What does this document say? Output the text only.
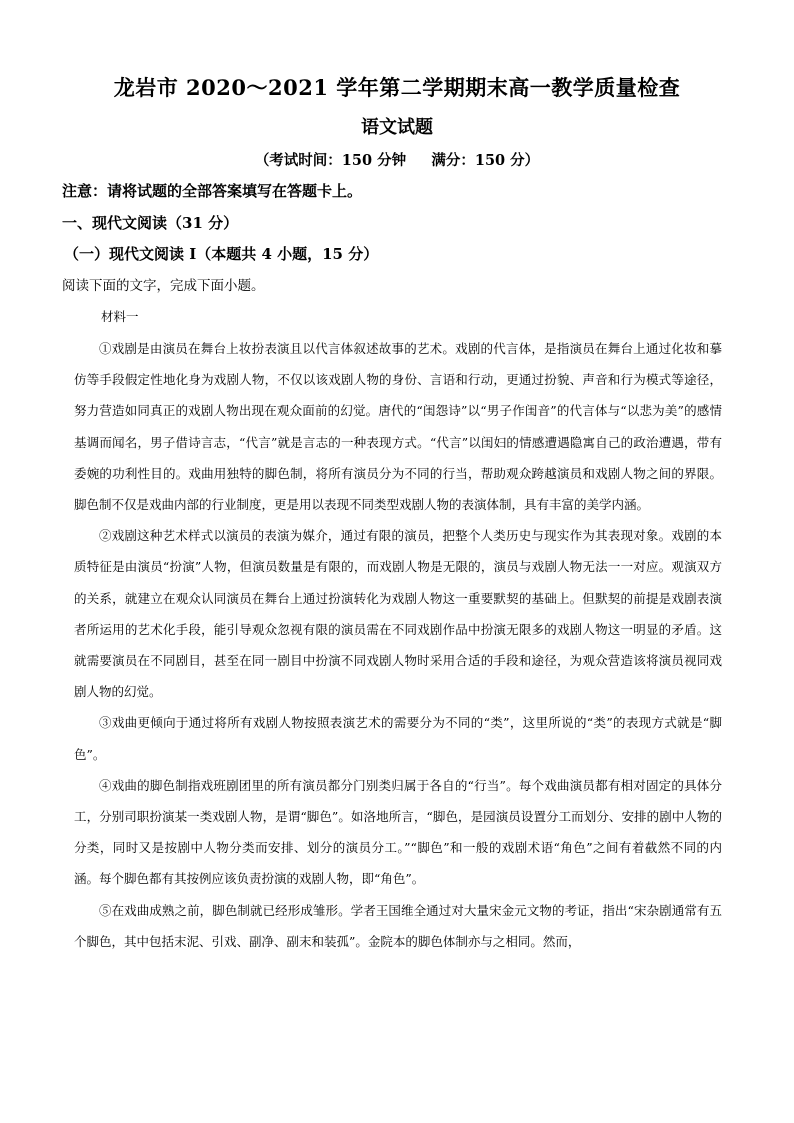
龙岩市 2020～2021 学年第二学期期末高一教学质量检查
语文试题
（考试时间：150 分钟     满分：150 分）
注意：请将试题的全部答案填写在答题卡上。
一、现代文阅读（31 分）
（一）现代文阅读 I（本题共 4 小题，15 分）
阅读下面的文字，完成下面小题。
材料一

①戏剧是由演员在舞台上妆扮表演且以代言体叙述故事的艺术。戏剧的代言体，是指演员在舞台上通过化妆和摹仿等手段假定性地化身为戏剧人物，不仅以该戏剧人物的身份、言语和行动，更通过扮貌、声音和行为模式等途径，努力营造如同真正的戏剧人物出现在观众面前的幻觉。唐代的“闺怨诗”以“男子作闺音”的代言体与“以悲为美”的感情基调而闻名，男子借诗言志，“代言”就是言志的一种表现方式。“代言”以闺妇的情感遭遇隐寓自己的政治遭遇，带有委婉的功利性目的。戏曲用独特的脚色制，将所有演员分为不同的行当，帮助观众跨越演员和戏剧人物之间的界限。脚色制不仅是戏曲内部的行业制度，更是用以表现不同类型戏剧人物的表演体制，具有丰富的美学内涵。

②戏剧这种艺术样式以演员的表演为媒介，通过有限的演员，把整个人类历史与现实作为其表现对象。戏剧的本质特征是由演员“扮演”人物，但演员数量是有限的，而戏剧人物是无限的，演员与戏剧人物无法一一对应。观演双方的关系，就建立在观众认同演员在舞台上通过扮演转化为戏剧人物这一重要默契的基础上。但默契的前提是戏剧表演者所运用的艺术化手段，能引导观众忽视有限的演员需在不同戏剧作品中扮演无限多的戏剧人物这一明显的矛盾。这就需要演员在不同剧目，甚至在同一剧目中扮演不同戏剧人物时采用合适的手段和途径，为观众营造该将演员视同戏剧人物的幻觉。

③戏曲更倾向于通过将所有戏剧人物按照表演艺术的需要分为不同的“类”，这里所说的“类”的表现方式就是“脚色”。

④戏曲的脚色制指戏班剧团里的所有演员都分门别类归属于各自的“行当”。每个戏曲演员都有相对固定的具体分工，分别司职扮演某一类戏剧人物，是谓“脚色”。如洛地所言，“脚色，是园演员设置分工而划分、安排的剧中人物的分类，同时又是按剧中人物分类而安排、划分的演员分工。”“脚色”和一般的戏剧术语“角色”之间有着截然不同的内涵。每个脚色都有其按例应该负责扮演的戏剧人物，即“角色”。

⑤在戏曲成熟之前，脚色制就已经形成雏形。学者王国维全通过对大量宋金元文物的考证，指出“宋杂剧通常有五个脚色，其中包括末泥、引戏、副净、副末和装孤”。金院本的脚色体制亦与之相同。然而，
